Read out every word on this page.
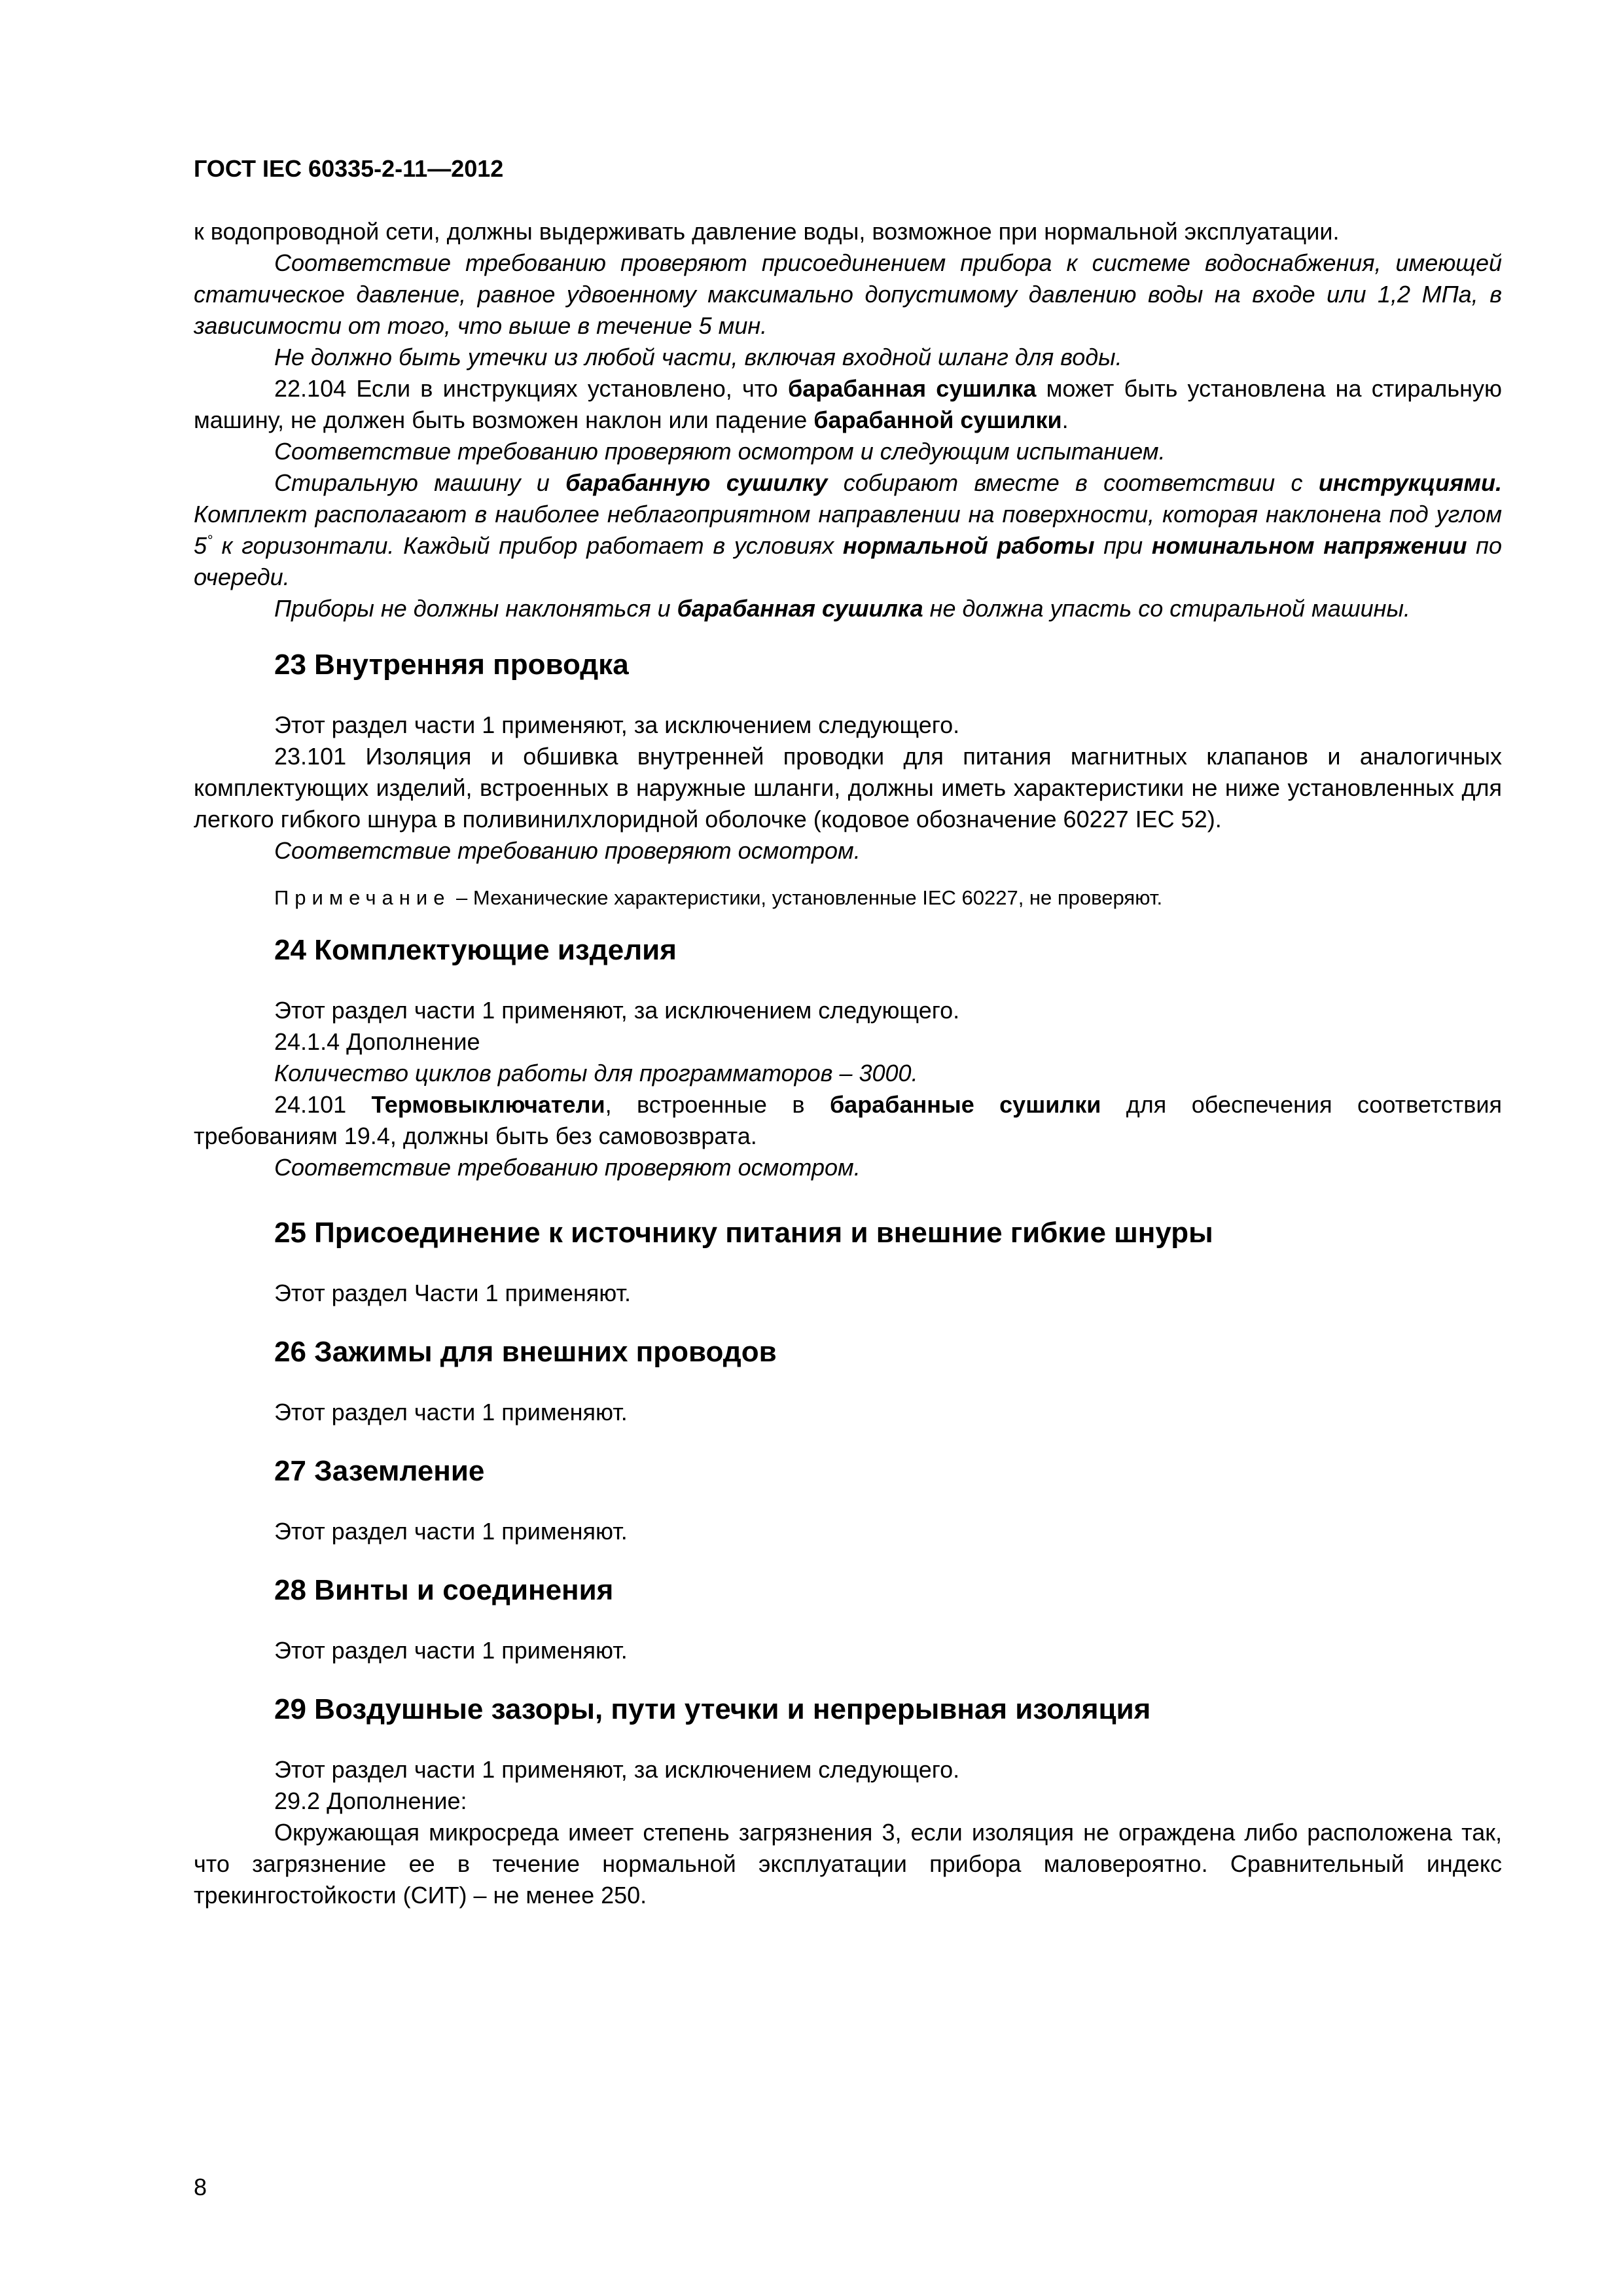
ГОСТ IEC 60335-2-11—2012

к водопроводной сети, должны выдерживать давление воды, возможное при нормальной эксплуатации.

Соответствие требованию проверяют присоединением прибора к системе водоснабжения, имеющей статическое давление, равное удвоенному максимально допустимому давлению воды на входе или 1,2 МПа, в зависимости от того, что выше в течение 5 мин.

Не должно быть утечки из любой части, включая входной шланг для воды.

22.104 Если в инструкциях установлено, что барабанная сушилка может быть установлена на стиральную машину, не должен быть возможен наклон или падение барабанной сушилки.

Соответствие требованию проверяют осмотром и следующим испытанием.

Стиральную машину и барабанную сушилку собирают вместе в соответствии с инструкциями. Комплект располагают в наиболее неблагоприятном направлении на поверхности, которая наклонена под углом 5° к горизонтали. Каждый прибор работает в условиях нормальной работы при номинальном напряжении по очереди.

Приборы не должны наклоняться и барабанная сушилка не должна упасть со стиральной машины.

23 Внутренняя проводка

Этот раздел части 1 применяют, за исключением следующего.

23.101 Изоляция и обшивка внутренней проводки для питания магнитных клапанов и аналогичных комплектующих изделий, встроенных в наружные шланги, должны иметь характеристики не ниже установленных для легкого гибкого шнура в поливинилхлоридной оболочке (кодовое обозначение 60227 IEC 52).

Соответствие требованию проверяют осмотром.

Примечание – Механические характеристики, установленные IEC 60227, не проверяют.

24 Комплектующие изделия

Этот раздел части 1 применяют, за исключением следующего.

24.1.4 Дополнение

Количество циклов работы для программаторов – 3000.

24.101 Термовыключатели, встроенные в барабанные сушилки для обеспечения соответствия требованиям 19.4, должны быть без самовозврата.

Соответствие требованию проверяют осмотром.

25 Присоединение к источнику питания и внешние гибкие шнуры

Этот раздел Части 1 применяют.

26 Зажимы для внешних проводов

Этот раздел части 1 применяют.

27 Заземление

Этот раздел части 1 применяют.

28 Винты и соединения

Этот раздел части 1 применяют.

29 Воздушные зазоры, пути утечки и непрерывная изоляция

Этот раздел части 1 применяют, за исключением следующего.

29.2 Дополнение:

Окружающая микросреда имеет степень загрязнения 3, если изоляция не ограждена либо расположена так, что загрязнение ее в течение нормальной эксплуатации прибора маловероятно. Сравнительный индекс трекингостойкости (СИТ) – не менее 250.

8
